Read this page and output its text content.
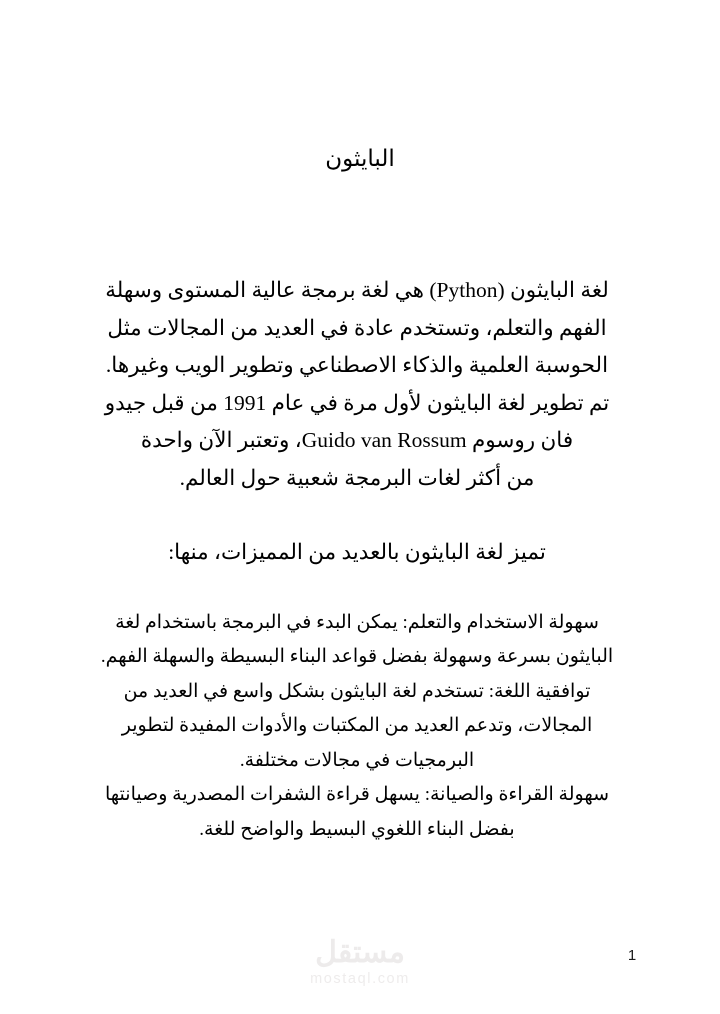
البايثون

لغة البايثون (Python) هي لغة برمجة عالية المستوى وسهلة
الفهم والتعلم، وتستخدم عادة في العديد من المجالات مثل
الحوسبة العلمية والذكاء الاصطناعي وتطوير الويب وغيرها.
تم تطوير لغة البايثون لأول مرة في عام 1991 من قبل جيدو
فان روسوم Guido van Rossum، وتعتبر الآن واحدة
من أكثر لغات البرمجة شعبية حول العالم.

تميز لغة البايثون بالعديد من المميزات، منها:

سهولة الاستخدام والتعلم: يمكن البدء في البرمجة باستخدام لغة البايثون بسرعة وسهولة بفضل قواعد البناء البسيطة والسهلة الفهم.
توافقية اللغة: تستخدم لغة البايثون بشكل واسع في العديد من المجالات، وتدعم العديد من المكتبات والأدوات المفيدة لتطوير البرمجيات في مجالات مختلفة.
سهولة القراءة والصيانة: يسهل قراءة الشفرات المصدرية وصيانتها بفضل البناء اللغوي البسيط والواضح للغة.
مستقل
mostaql.com
1
